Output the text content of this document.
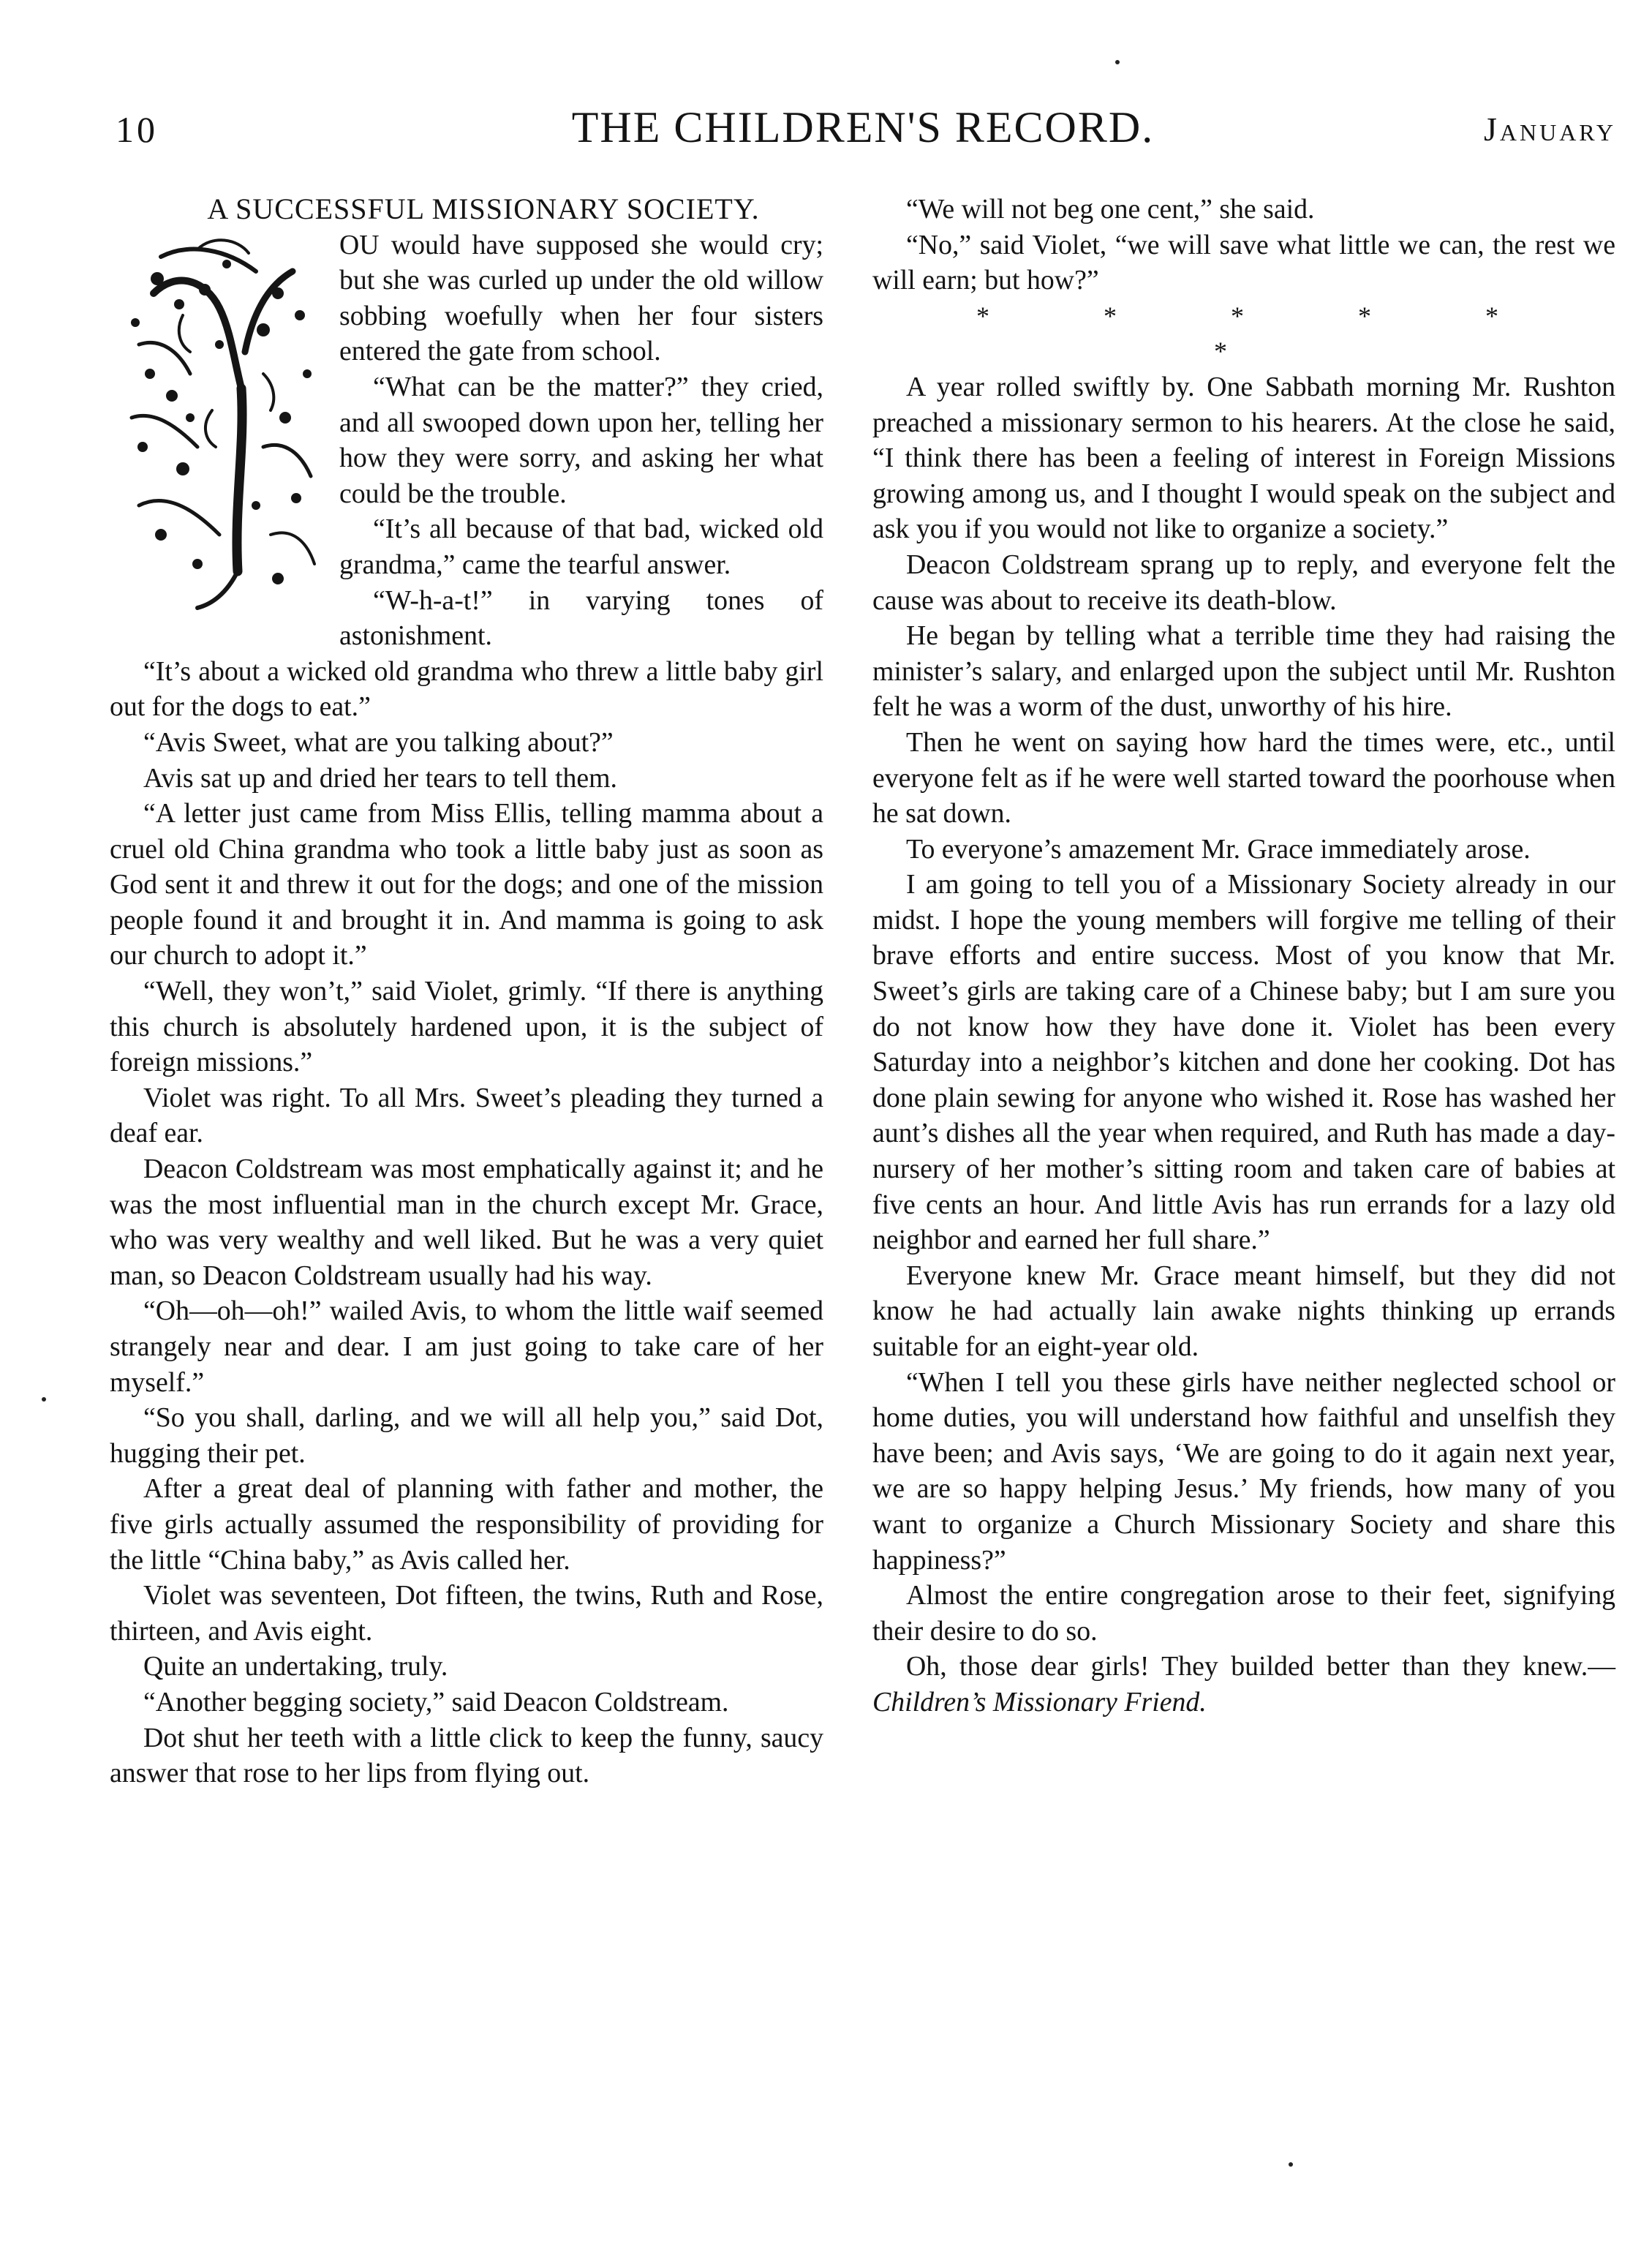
10	THE CHILDREN'S RECORD.	January

A SUCCESSFUL MISSIONARY SOCIETY.

OU would have supposed she would cry; but she was curled up under the old willow sobbing woefully when her four sisters entered the gate from school.

“What can be the matter?” they cried, and all swooped down upon her, telling her how they were sorry, and asking her what could be the trouble.

“It’s all because of that bad, wicked old grandma,” came the tearful answer.

“W-h-a-t!” in varying tones of astonishment.

“It’s about a wicked old grandma who threw a little baby girl out for the dogs to eat.”

“Avis Sweet, what are you talking about?”

Avis sat up and dried her tears to tell them.

“A letter just came from Miss Ellis, telling mamma about a cruel old China grandma who took a little baby just as soon as God sent it and threw it out for the dogs; and one of the mission people found it and brought it in. And mamma is going to ask our church to adopt it.”

“Well, they won’t,” said Violet, grimly. “If there is anything this church is absolutely hardened upon, it is the subject of foreign missions.”

Violet was right. To all Mrs. Sweet’s pleading they turned a deaf ear.

Deacon Coldstream was most emphatically against it; and he was the most influential man in the church except Mr. Grace, who was very wealthy and well liked. But he was a very quiet man, so Deacon Coldstream usually had his way.

“Oh—oh—oh!” wailed Avis, to whom the little waif seemed strangely near and dear. I am just going to take care of her myself.”

“So you shall, darling, and we will all help you,” said Dot, hugging their pet.

After a great deal of planning with father and mother, the five girls actually assumed the responsibility of providing for the little “China baby,” as Avis called her.

Violet was seventeen, Dot fifteen, the twins, Ruth and Rose, thirteen, and Avis eight.

Quite an undertaking, truly.

“Another begging society,” said Deacon Coldstream.

Dot shut her teeth with a little click to keep the funny, saucy answer that rose to her lips from flying out.

“We will not beg one cent,” she said.

“No,” said Violet, “we will save what little we can, the rest we will earn; but how?”

* * * * **

A year rolled swiftly by. One Sabbath morning Mr. Rushton preached a missionary sermon to his hearers. At the close he said, “I think there has been a feeling of interest in Foreign Missions growing among us, and I thought I would speak on the subject and ask you if you would not like to organize a society.”

Deacon Coldstream sprang up to reply, and everyone felt the cause was about to receive its death-blow.

He began by telling what a terrible time they had raising the minister’s salary, and enlarged upon the subject until Mr. Rushton felt he was a worm of the dust, unworthy of his hire.

Then he went on saying how hard the times were, etc., until everyone felt as if he were well started toward the poorhouse when he sat down.

To everyone’s amazement Mr. Grace immediately arose.

I am going to tell you of a Missionary Society already in our midst. I hope the young members will forgive me telling of their brave efforts and entire success. Most of you know that Mr. Sweet’s girls are taking care of a Chinese baby; but I am sure you do not know how they have done it. Violet has been every Saturday into a neighbor’s kitchen and done her cooking. Dot has done plain sewing for anyone who wished it. Rose has washed her aunt’s dishes all the year when required, and Ruth has made a day-nursery of her mother’s sitting room and taken care of babies at five cents an hour. And little Avis has run errands for a lazy old neighbor and earned her full share.”

Everyone knew Mr. Grace meant himself, but they did not know he had actually lain awake nights thinking up errands suitable for an eight-year old.

“When I tell you these girls have neither neglected school or home duties, you will understand how faithful and unselfish they have been; and Avis says, ‘We are going to do it again next year, we are so happy helping Jesus.’ My friends, how many of you want to organize a Church Missionary Society and share this happiness?”

Almost the entire congregation arose to their feet, signifying their desire to do so.

Oh, those dear girls! They builded better than they knew.—Children’s Missionary Friend.
